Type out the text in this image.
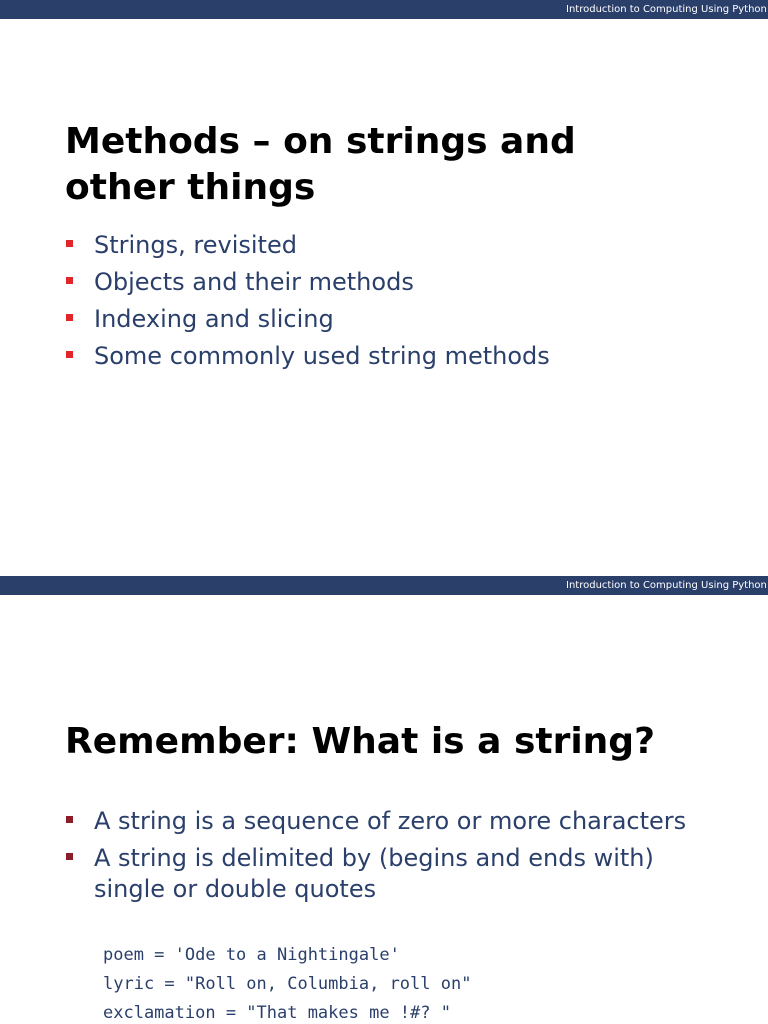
Introduction to Computing Using Python
Methods – on strings and other things
Strings, revisited
Objects and their methods
Indexing and slicing
Some commonly used string methods
Introduction to Computing Using Python
Remember: What is a string?
A string is a sequence of zero or more characters
A string is delimited by (begins and ends with) single or double quotes
poem = 'Ode to a Nightingale'
lyric = "Roll on, Columbia, roll on"
exclamation = "That makes me !#? "
